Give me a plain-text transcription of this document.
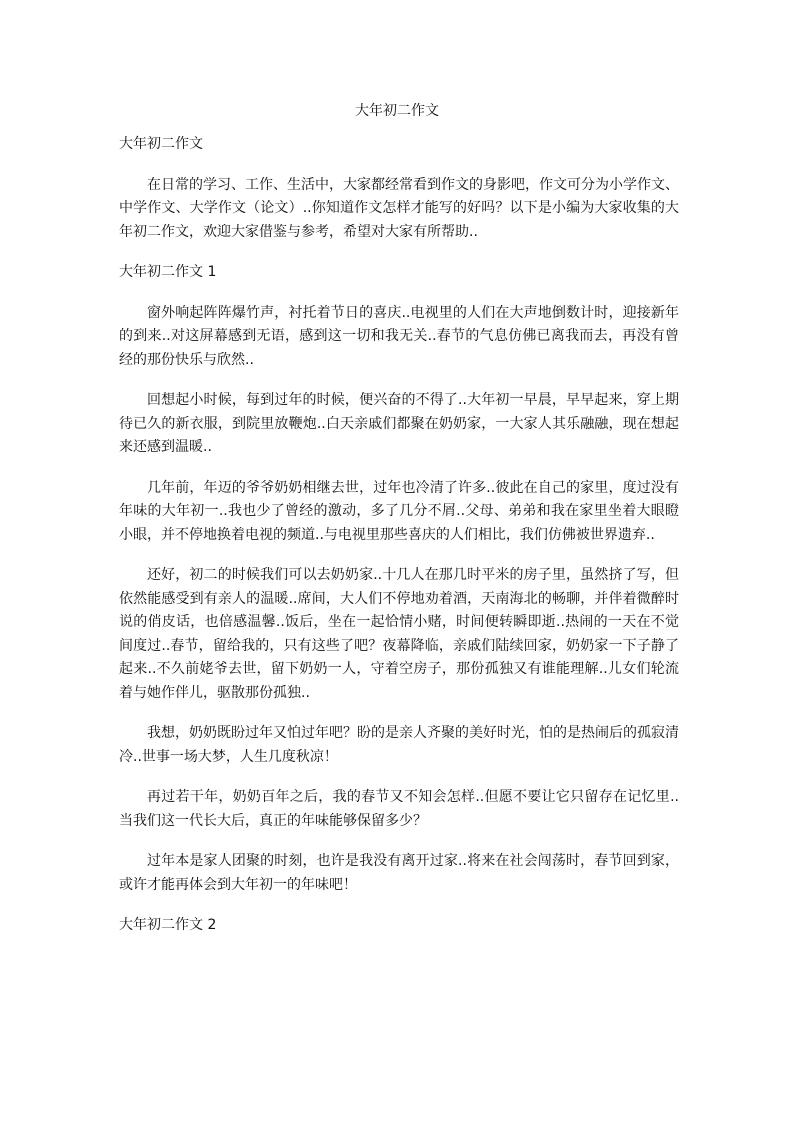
大年初二作文

大年初二作文

在日常的学习、工作、生活中，大家都经常看到作文的身影吧，作文可分为小学作文、中学作文、大学作文（论文）..你知道作文怎样才能写的好吗？以下是小编为大家收集的大年初二作文，欢迎大家借鉴与参考，希望对大家有所帮助..

大年初二作文 1

窗外响起阵阵爆竹声，衬托着节日的喜庆..电视里的人们在大声地倒数计时，迎接新年的到来..对这屏幕感到无语，感到这一切和我无关..春节的气息仿佛已离我而去，再没有曾经的那份快乐与欣然..

回想起小时候，每到过年的时候，便兴奋的不得了..大年初一早晨，早早起来，穿上期待已久的新衣服，到院里放鞭炮..白天亲戚们都聚在奶奶家，一大家人其乐融融，现在想起来还感到温暖..

几年前，年迈的爷爷奶奶相继去世，过年也冷清了许多..彼此在自己的家里，度过没有年味的大年初一..我也少了曾经的激动，多了几分不屑..父母、弟弟和我在家里坐着大眼瞪小眼，并不停地换着电视的频道..与电视里那些喜庆的人们相比，我们仿佛被世界遗弃..

还好，初二的时候我们可以去奶奶家..十几人在那几时平米的房子里，虽然挤了写，但依然能感受到有亲人的温暖..席间，大人们不停地劝着酒，天南海北的畅聊，并伴着微醉时说的俏皮话，也倍感温馨..饭后，坐在一起恰情小赌，时间便转瞬即逝..热闹的一天在不觉间度过..春节，留给我的，只有这些了吧？夜幕降临，亲戚们陆续回家，奶奶家一下子静了起来..不久前姥爷去世，留下奶奶一人，守着空房子，那份孤独又有谁能理解..儿女们轮流着与她作伴儿，驱散那份孤独..

我想，奶奶既盼过年又怕过年吧？盼的是亲人齐聚的美好时光，怕的是热闹后的孤寂清冷..世事一场大梦，人生几度秋凉！

再过若干年，奶奶百年之后，我的春节又不知会怎样..但愿不要让它只留存在记忆里..当我们这一代长大后，真正的年味能够保留多少？

过年本是家人团聚的时刻，也许是我没有离开过家..将来在社会闯荡时，春节回到家，或许才能再体会到大年初一的年味吧！

大年初二作文 2
